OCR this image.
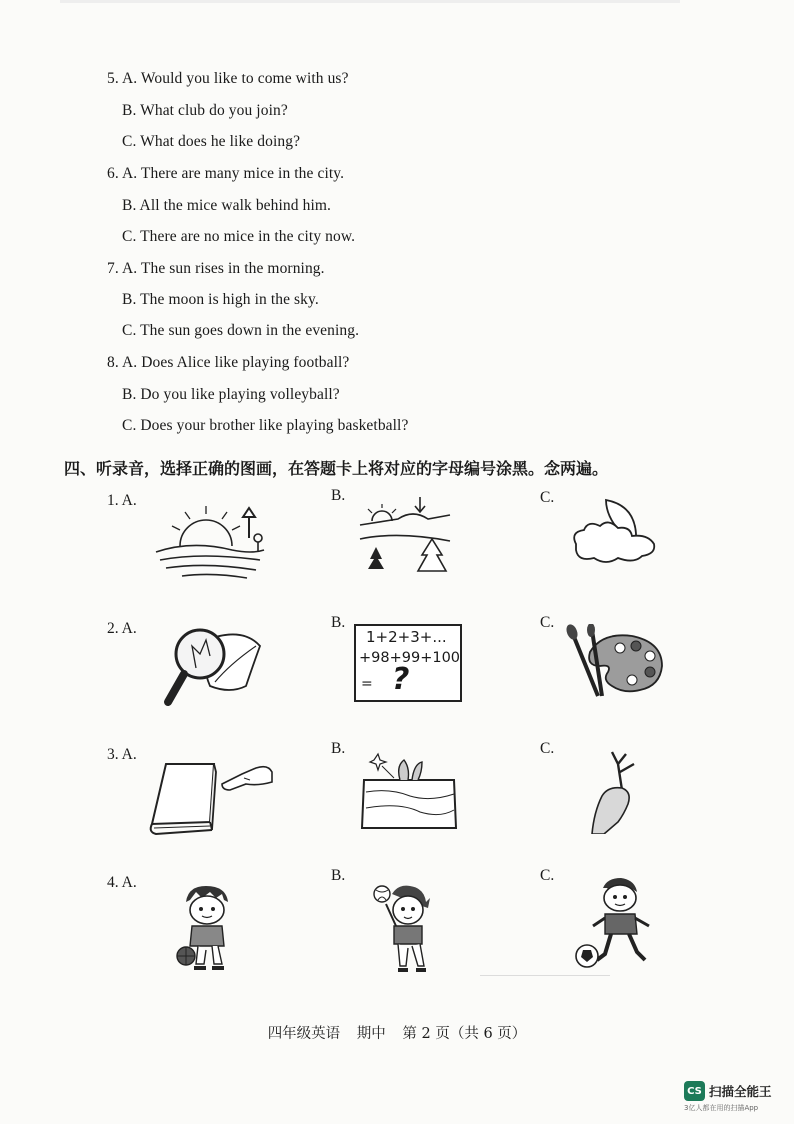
5. A. Would you like to come with us?
B. What club do you join?
C. What does he like doing?
6. A. There are many mice in the city.
B. All the mice walk behind him.
C. There are no mice in the city now.
7. A. The sun rises in the morning.
B. The moon is high in the sky.
C. The sun goes down in the evening.
8. A. Does Alice like playing football?
B. Do you like playing volleyball?
C. Does your brother like playing basketball?
四、听录音，选择正确的图画，在答题卡上将对应的字母编号涂黑。念两遍。
1. A.	B.	C.
2. A.	B.	C.
3. A.	B.	C.
4. A.	B.	C.
1+2+3+...
+98+99+100
= ?
四年级英语 期中 第 2 页（共 6 页）
CS 扫描全能王
3亿人都在用的扫描App
